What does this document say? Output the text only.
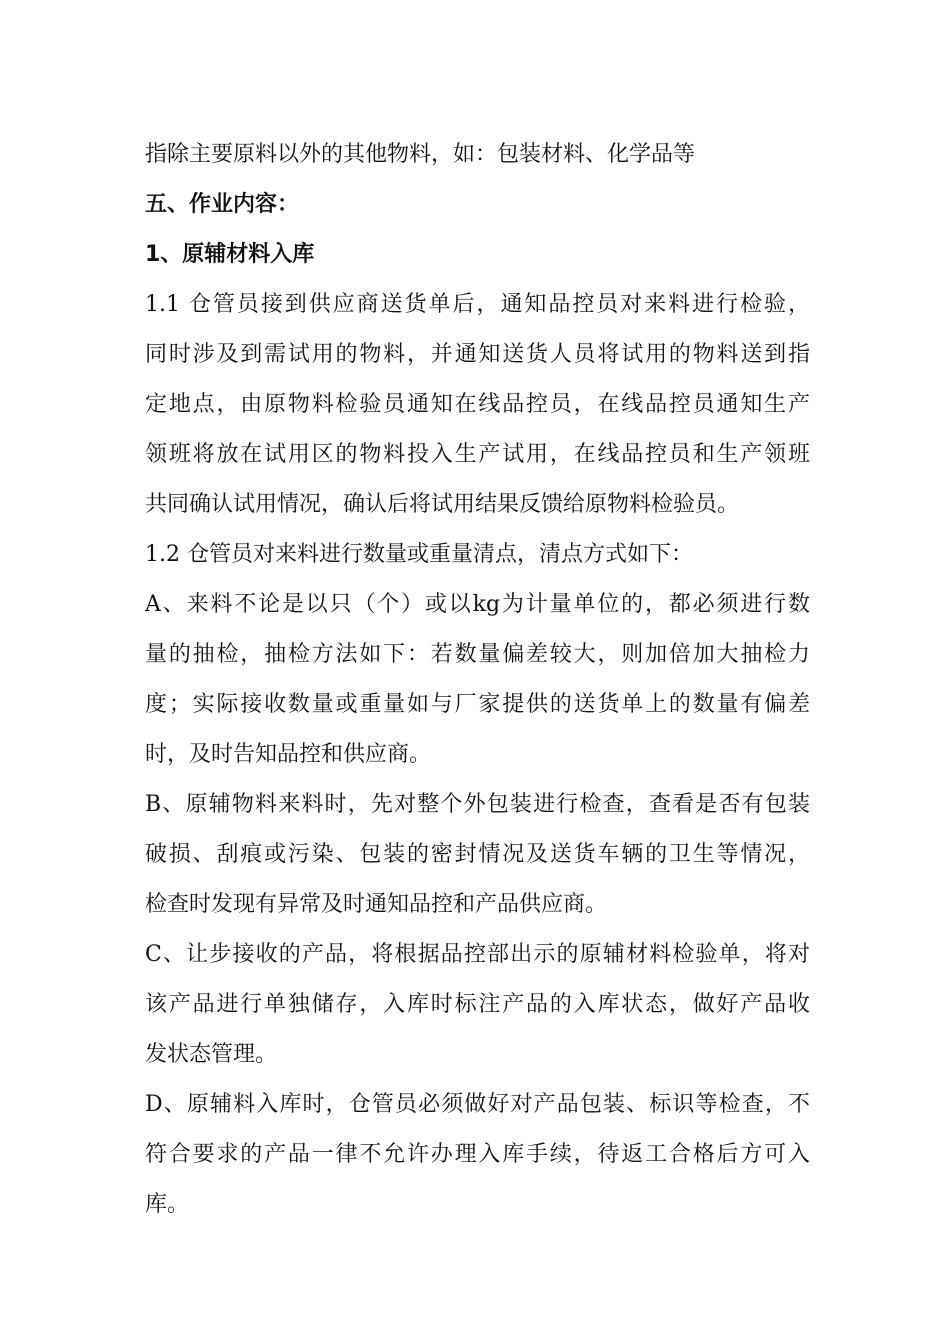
指除主要原料以外的其他物料，如：包装材料、化学品等
五、作业内容：
1、原辅材料入库
1.1 仓管员接到供应商送货单后，通知品控员对来料进行检验，
同时涉及到需试用的物料，并通知送货人员将试用的物料送到指
定地点，由原物料检验员通知在线品控员，在线品控员通知生产
领班将放在试用区的物料投入生产试用，在线品控员和生产领班
共同确认试用情况，确认后将试用结果反馈给原物料检验员。
1.2 仓管员对来料进行数量或重量清点，清点方式如下：
A、来料不论是以只（个）或以kg为计量单位的，都必须进行数
量的抽检，抽检方法如下：若数量偏差较大，则加倍加大抽检力
度；实际接收数量或重量如与厂家提供的送货单上的数量有偏差
时，及时告知品控和供应商。
B、原辅物料来料时，先对整个外包装进行检查，查看是否有包装
破损、刮痕或污染、包装的密封情况及送货车辆的卫生等情况，
检查时发现有异常及时通知品控和产品供应商。
C、让步接收的产品，将根据品控部出示的原辅材料检验单，将对
该产品进行单独储存，入库时标注产品的入库状态，做好产品收
发状态管理。
D、原辅料入库时，仓管员必须做好对产品包装、标识等检查，不
符合要求的产品一律不允许办理入库手续，待返工合格后方可入
库。
